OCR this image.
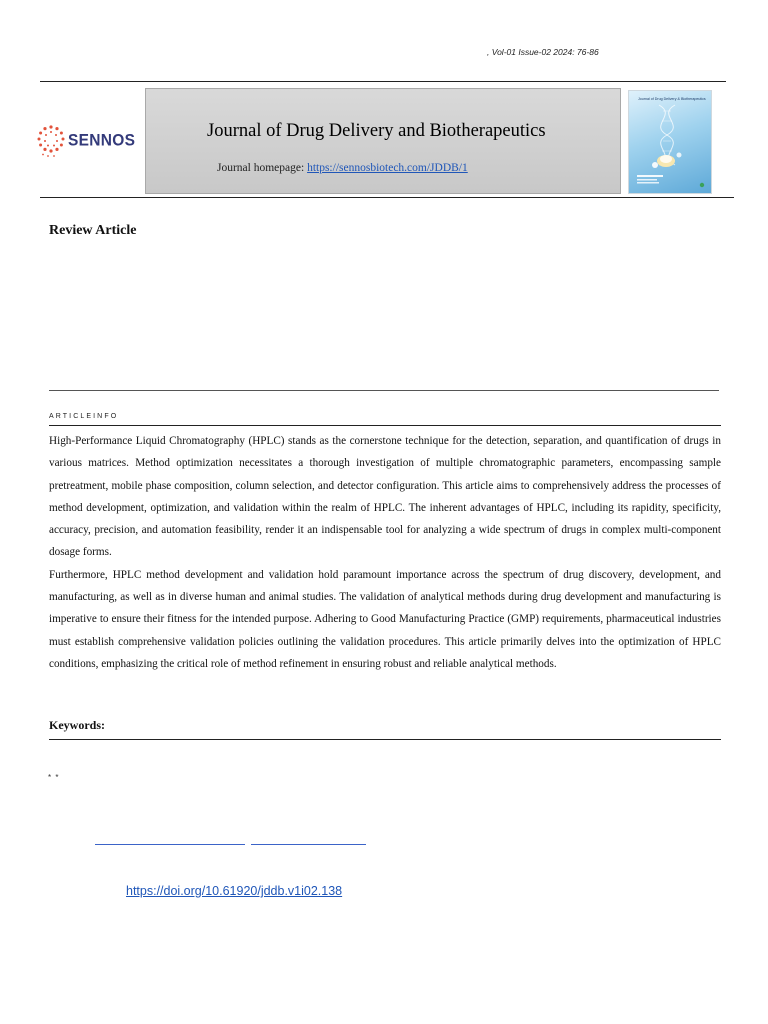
, Vol-01 Issue-02 2024: 76-86
SENNOS	Journal of Drug Delivery and Biotherapeutics
Journal homepage: https://sennosbiotech.com/JDDB/1
Journal of Drug Delivery & Biotherapeutics
Review Article
ARTICLEINFO

High-Performance Liquid Chromatography (HPLC) stands as the cornerstone technique for the detection, separation, and quantification of drugs in various matrices. Method optimization necessitates a thorough investigation of multiple chromatographic parameters, encompassing sample pretreatment, mobile phase composition, column selection, and detector configuration. This article aims to comprehensively address the processes of method development, optimization, and validation within the realm of HPLC. The inherent advantages of HPLC, including its rapidity, specificity, accuracy, precision, and automation feasibility, render it an indispensable tool for analyzing a wide spectrum of drugs in complex multi-component dosage forms.

Furthermore, HPLC method development and validation hold paramount importance across the spectrum of drug discovery, development, and manufacturing, as well as in diverse human and animal studies. The validation of analytical methods during drug development and manufacturing is imperative to ensure their fitness for the intended purpose. Adhering to Good Manufacturing Practice (GMP) requirements, pharmaceutical industries must establish comprehensive validation policies outlining the validation procedures. This article primarily delves into the optimization of HPLC conditions, emphasizing the critical role of method refinement in ensuring robust and reliable analytical methods.

Keywords:
* *
https://doi.org/10.61920/jddb.v1i02.138
